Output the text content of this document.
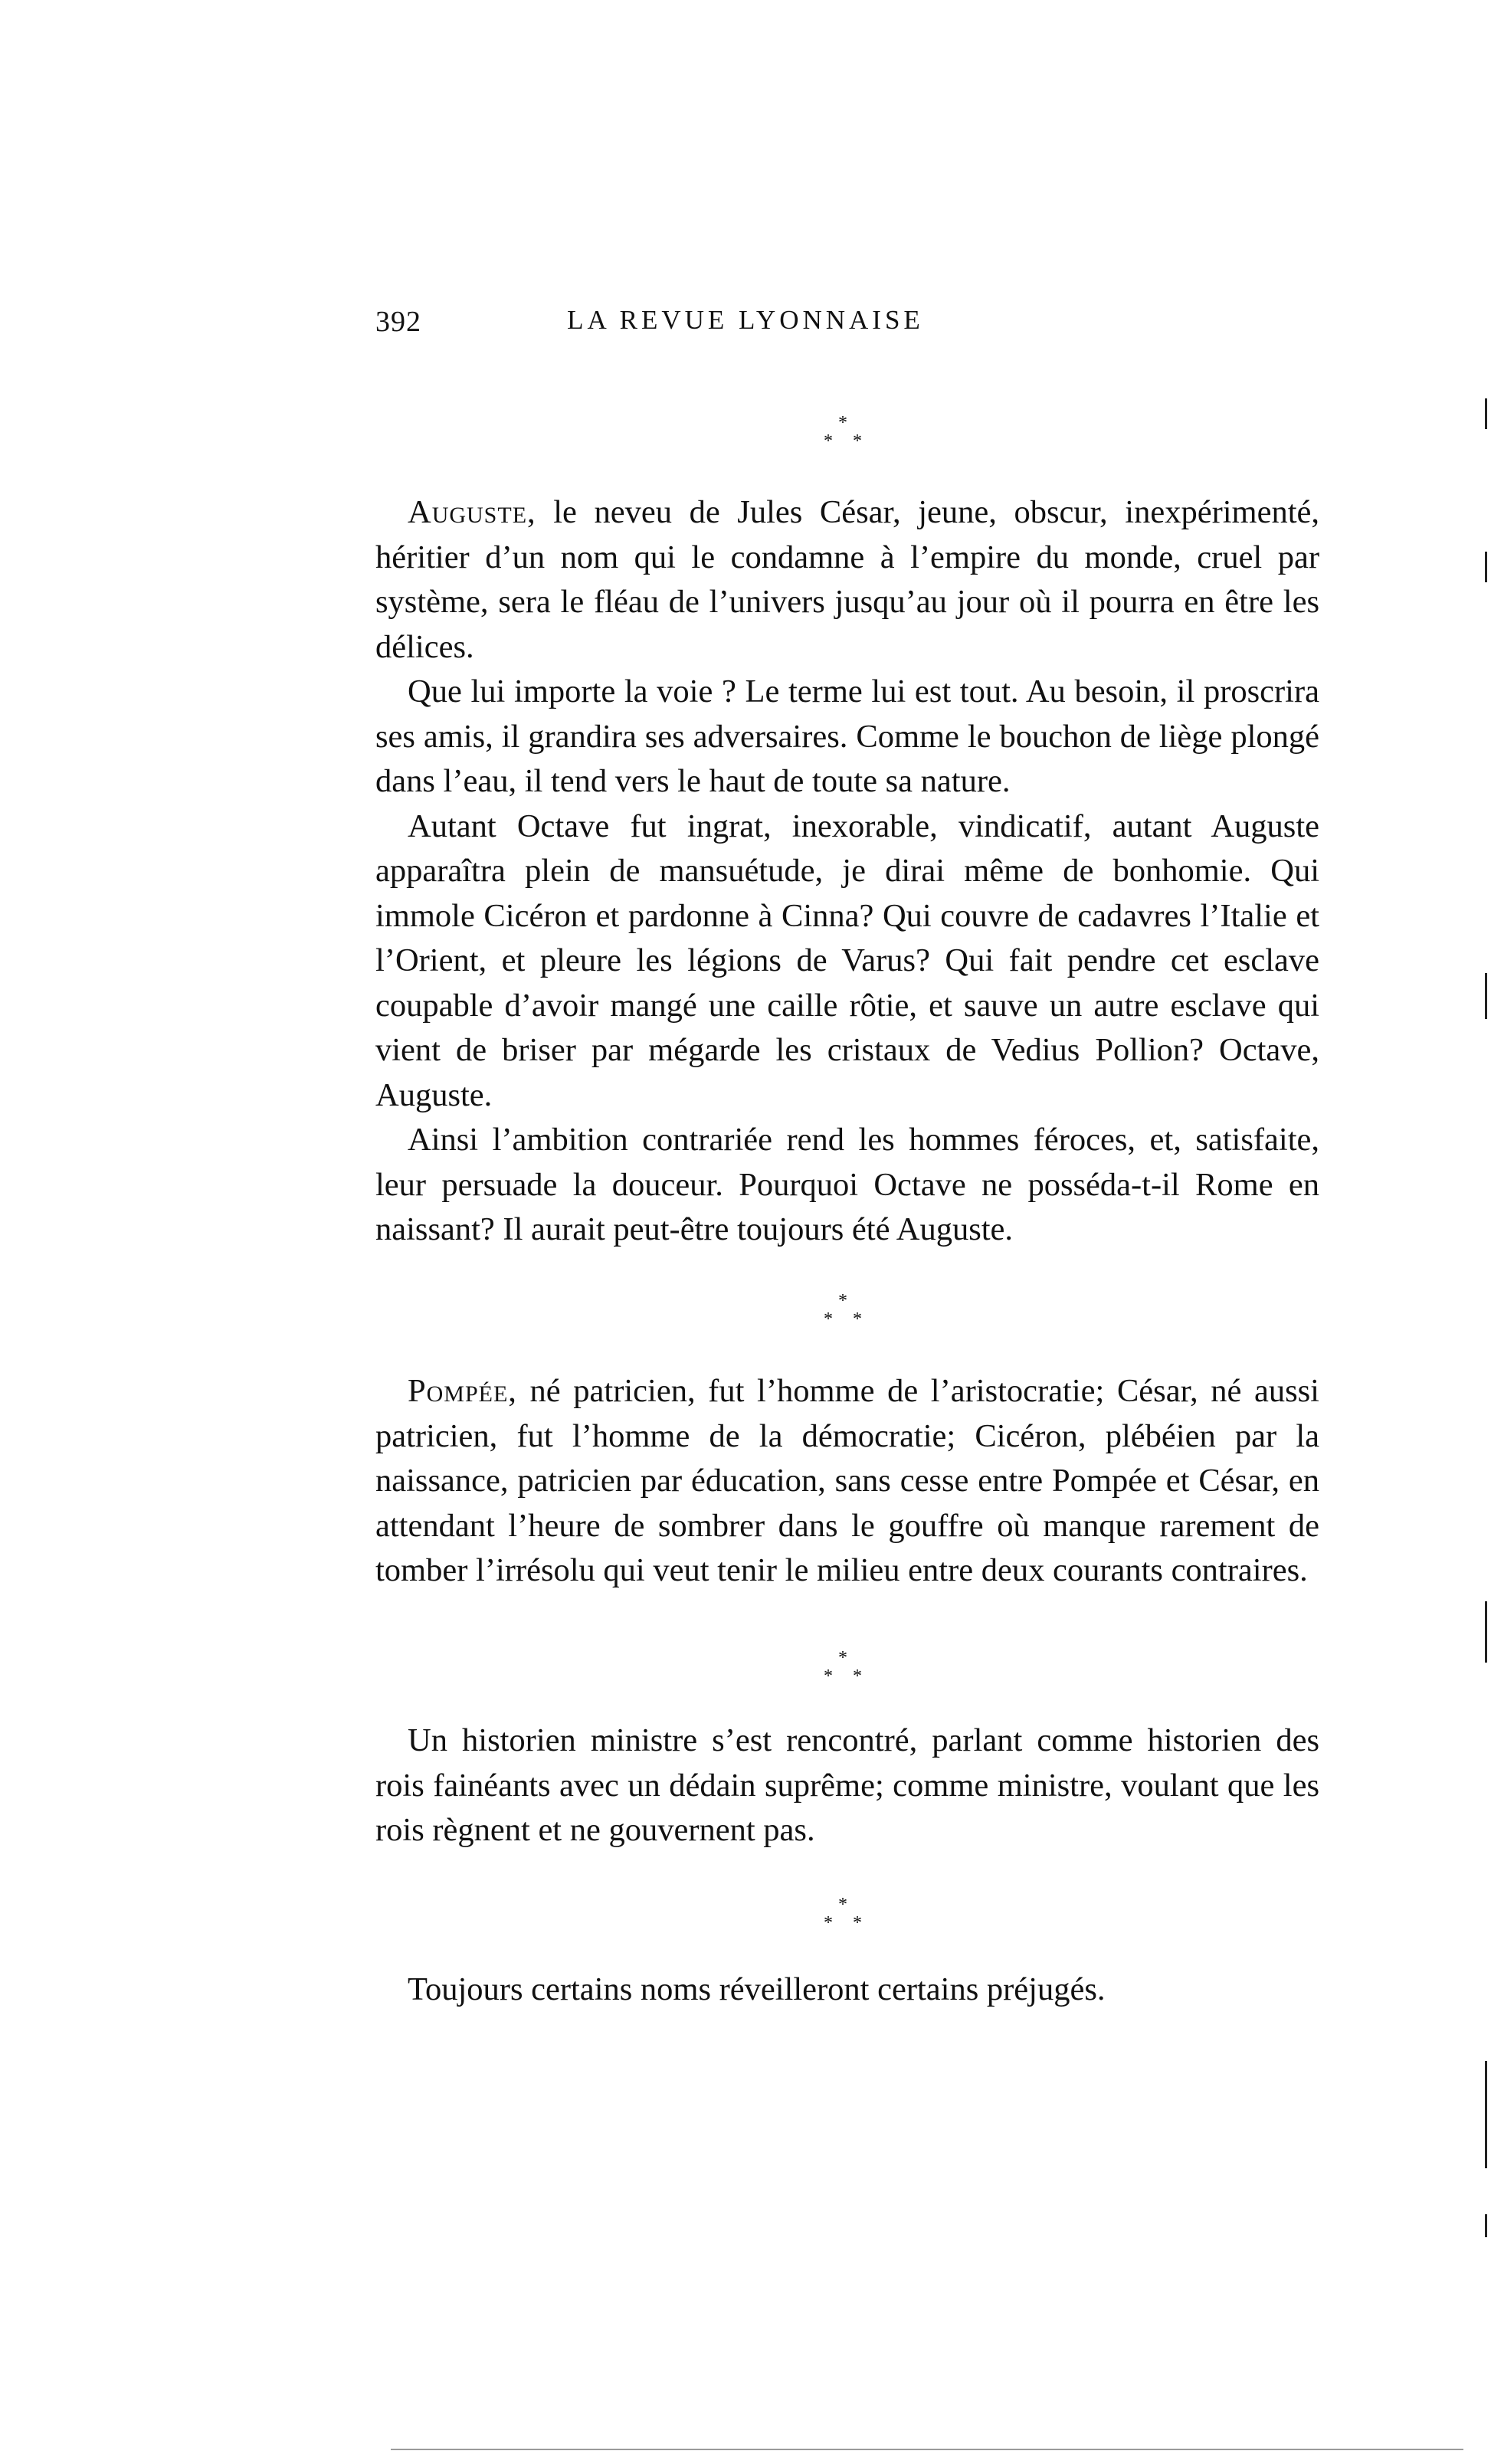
392	LA REVUE LYONNAISE
*
* *

Auguste, le neveu de Jules César, jeune, obscur, inexpérimenté, héritier d’un nom qui le condamne à l’empire du monde, cruel par système, sera le fléau de l’univers jusqu’au jour où il pourra en être les délices.

Que lui importe la voie ? Le terme lui est tout. Au besoin, il proscrira ses amis, il grandira ses adversaires. Comme le bouchon de liège plongé dans l’eau, il tend vers le haut de toute sa nature.

Autant Octave fut ingrat, inexorable, vindicatif, autant Auguste apparaîtra plein de mansuétude, je dirai même de bonhomie. Qui immole Cicéron et pardonne à Cinna? Qui couvre de cadavres l’Italie et l’Orient, et pleure les légions de Varus? Qui fait pendre cet esclave coupable d’avoir mangé une caille rôtie, et sauve un autre esclave qui vient de briser par mégarde les cristaux de Vedius Pollion? Octave, Auguste.

Ainsi l’ambition contrariée rend les hommes féroces, et, satisfaite, leur persuade la douceur. Pourquoi Octave ne posséda-t-il Rome en naissant? Il aurait peut-être toujours été Auguste.

Pompée, né patricien, fut l’homme de l’aristocratie; César, né aussi patricien, fut l’homme de la démocratie; Cicéron, plébéien par la naissance, patricien par éducation, sans cesse entre Pompée et César, en attendant l’heure de sombrer dans le gouffre où manque rarement de tomber l’irrésolu qui veut tenir le milieu entre deux courants contraires.

Un historien ministre s’est rencontré, parlant comme historien des rois fainéants avec un dédain suprême; comme ministre, voulant que les rois règnent et ne gouvernent pas.

Toujours certains noms réveilleront certains préjugés.

*
* *
*
* *
*
* *
